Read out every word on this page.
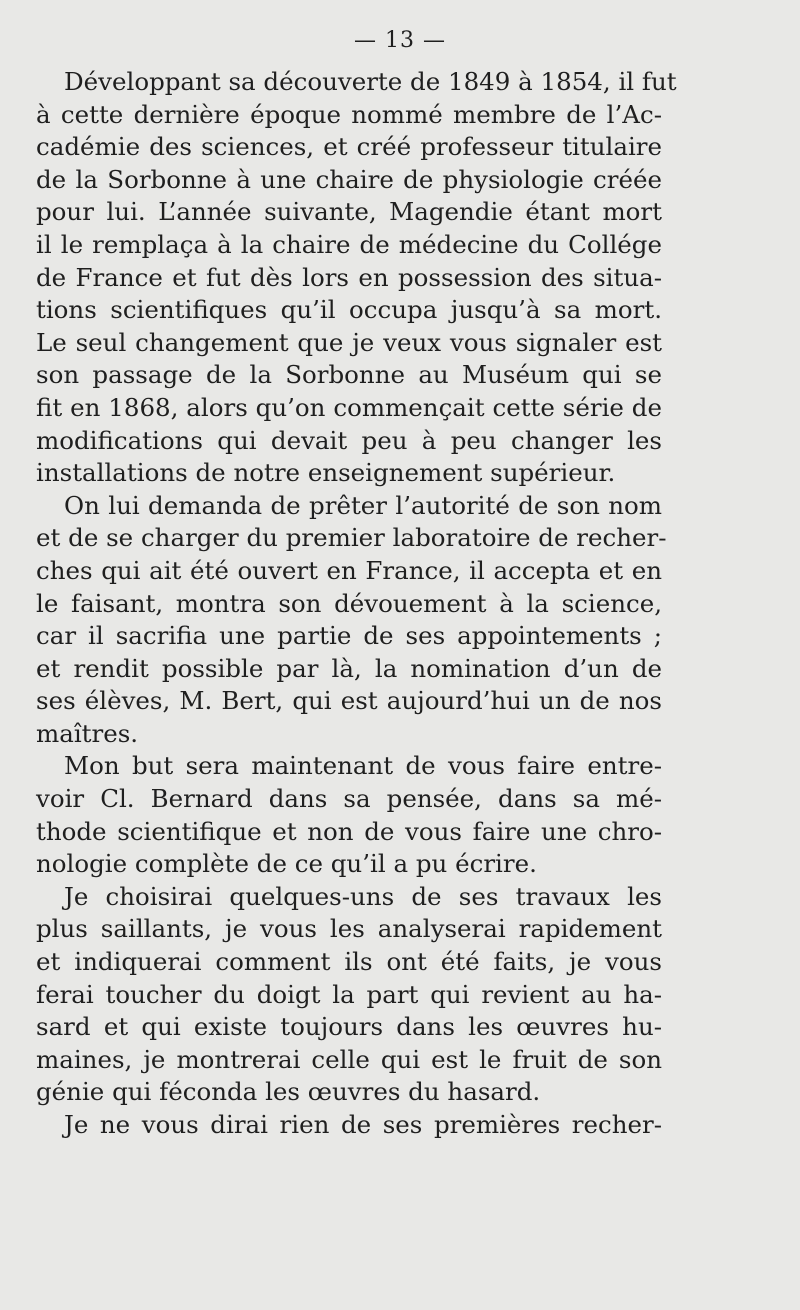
— 13 —
Développant sa découverte de 1849 à 1854, il fut
à cette dernière époque nommé membre de l’Ac-
cadémie des sciences, et créé professeur titulaire
de la Sorbonne à une chaire de physiologie créée
pour lui. L’année suivante, Magendie étant mort
il le remplaça à la chaire de médecine du Collége
de France et fut dès lors en possession des situa-
tions scientifiques qu’il occupa jusqu’à sa mort.
Le seul changement que je veux vous signaler est
son passage de la Sorbonne au Muséum qui se
fit en 1868, alors qu’on commençait cette série de
modifications qui devait peu à peu changer les
installations de notre enseignement supérieur.
On lui demanda de prêter l’autorité de son nom
et de se charger du premier laboratoire de recher-
ches qui ait été ouvert en France, il accepta et en
le faisant, montra son dévouement à la science,
car il sacrifia une partie de ses appointements ;
et rendit possible par là, la nomination d’un de
ses élèves, M. Bert, qui est aujourd’hui un de nos
maîtres.
Mon but sera maintenant de vous faire entre-
voir Cl. Bernard dans sa pensée, dans sa mé-
thode scientifique et non de vous faire une chro-
nologie complète de ce qu’il a pu écrire.
Je choisirai quelques-uns de ses travaux les
plus saillants, je vous les analyserai rapidement
et indiquerai comment ils ont été faits, je vous
ferai toucher du doigt la part qui revient au ha-
sard et qui existe toujours dans les œuvres hu-
maines, je montrerai celle qui est le fruit de son
génie qui féconda les œuvres du hasard.
Je ne vous dirai rien de ses premières recher-
